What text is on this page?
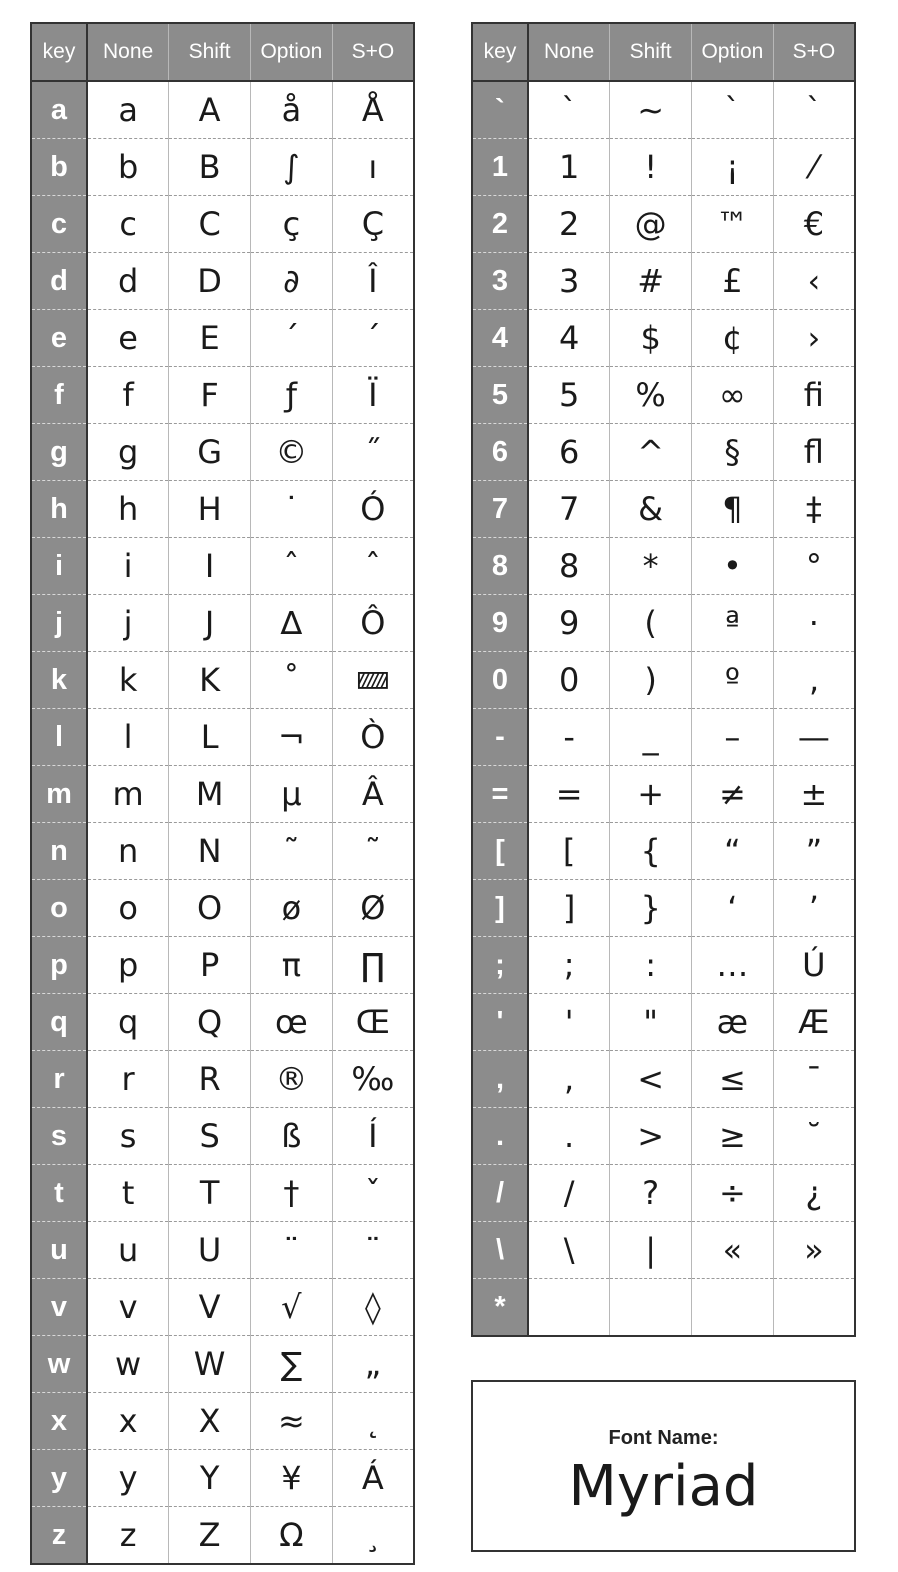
key	None	Shift	Option	S+O
a	a	A	å	Å
b	b	B	∫	ı
c	c	C	ç	Ç
d	d	D	∂	Î
e	e	E	´	´
f	f	F	ƒ	Ï
g	g	G	©	˝
h	h	H	˙	Ó
i	i	I	ˆ	ˆ
j	j	J	∆	Ô
k	k	K	˚	🝙
l	l	L	¬	Ò
m	m	M	µ	Â
n	n	N	˜	˜
o	o	O	ø	Ø
p	p	P	π	∏
q	q	Q	œ	Œ
r	r	R	®	‰
s	s	S	ß	Í
t	t	T	†	ˇ
u	u	U	¨	¨
v	v	V	√	◊
w	w	W	∑	„
x	x	X	≈	˛
y	y	Y	¥	Á
z	z	Z	Ω	¸
key	None	Shift	Option	S+O
`	`	~	`	`
1	1	!	¡	⁄
2	2	@	™	€
3	3	#	£	‹
4	4	$	¢	›
5	5	%	∞	ﬁ
6	6	^	§	ﬂ
7	7	&	¶	‡
8	8	*	•	°
9	9	(	ª	·
0	0	)	º	‚
-	-	_	–	—
=	=	+	≠	±
[	[	{	“	”
]	]	}	‘	’
;	;	:	…	Ú
'	'	"	æ	Æ
,	,	<	≤	¯
.	.	>	≥	˘
/	/	?	÷	¿
\	\	|	«	»
*				
Font Name:
Myriad
